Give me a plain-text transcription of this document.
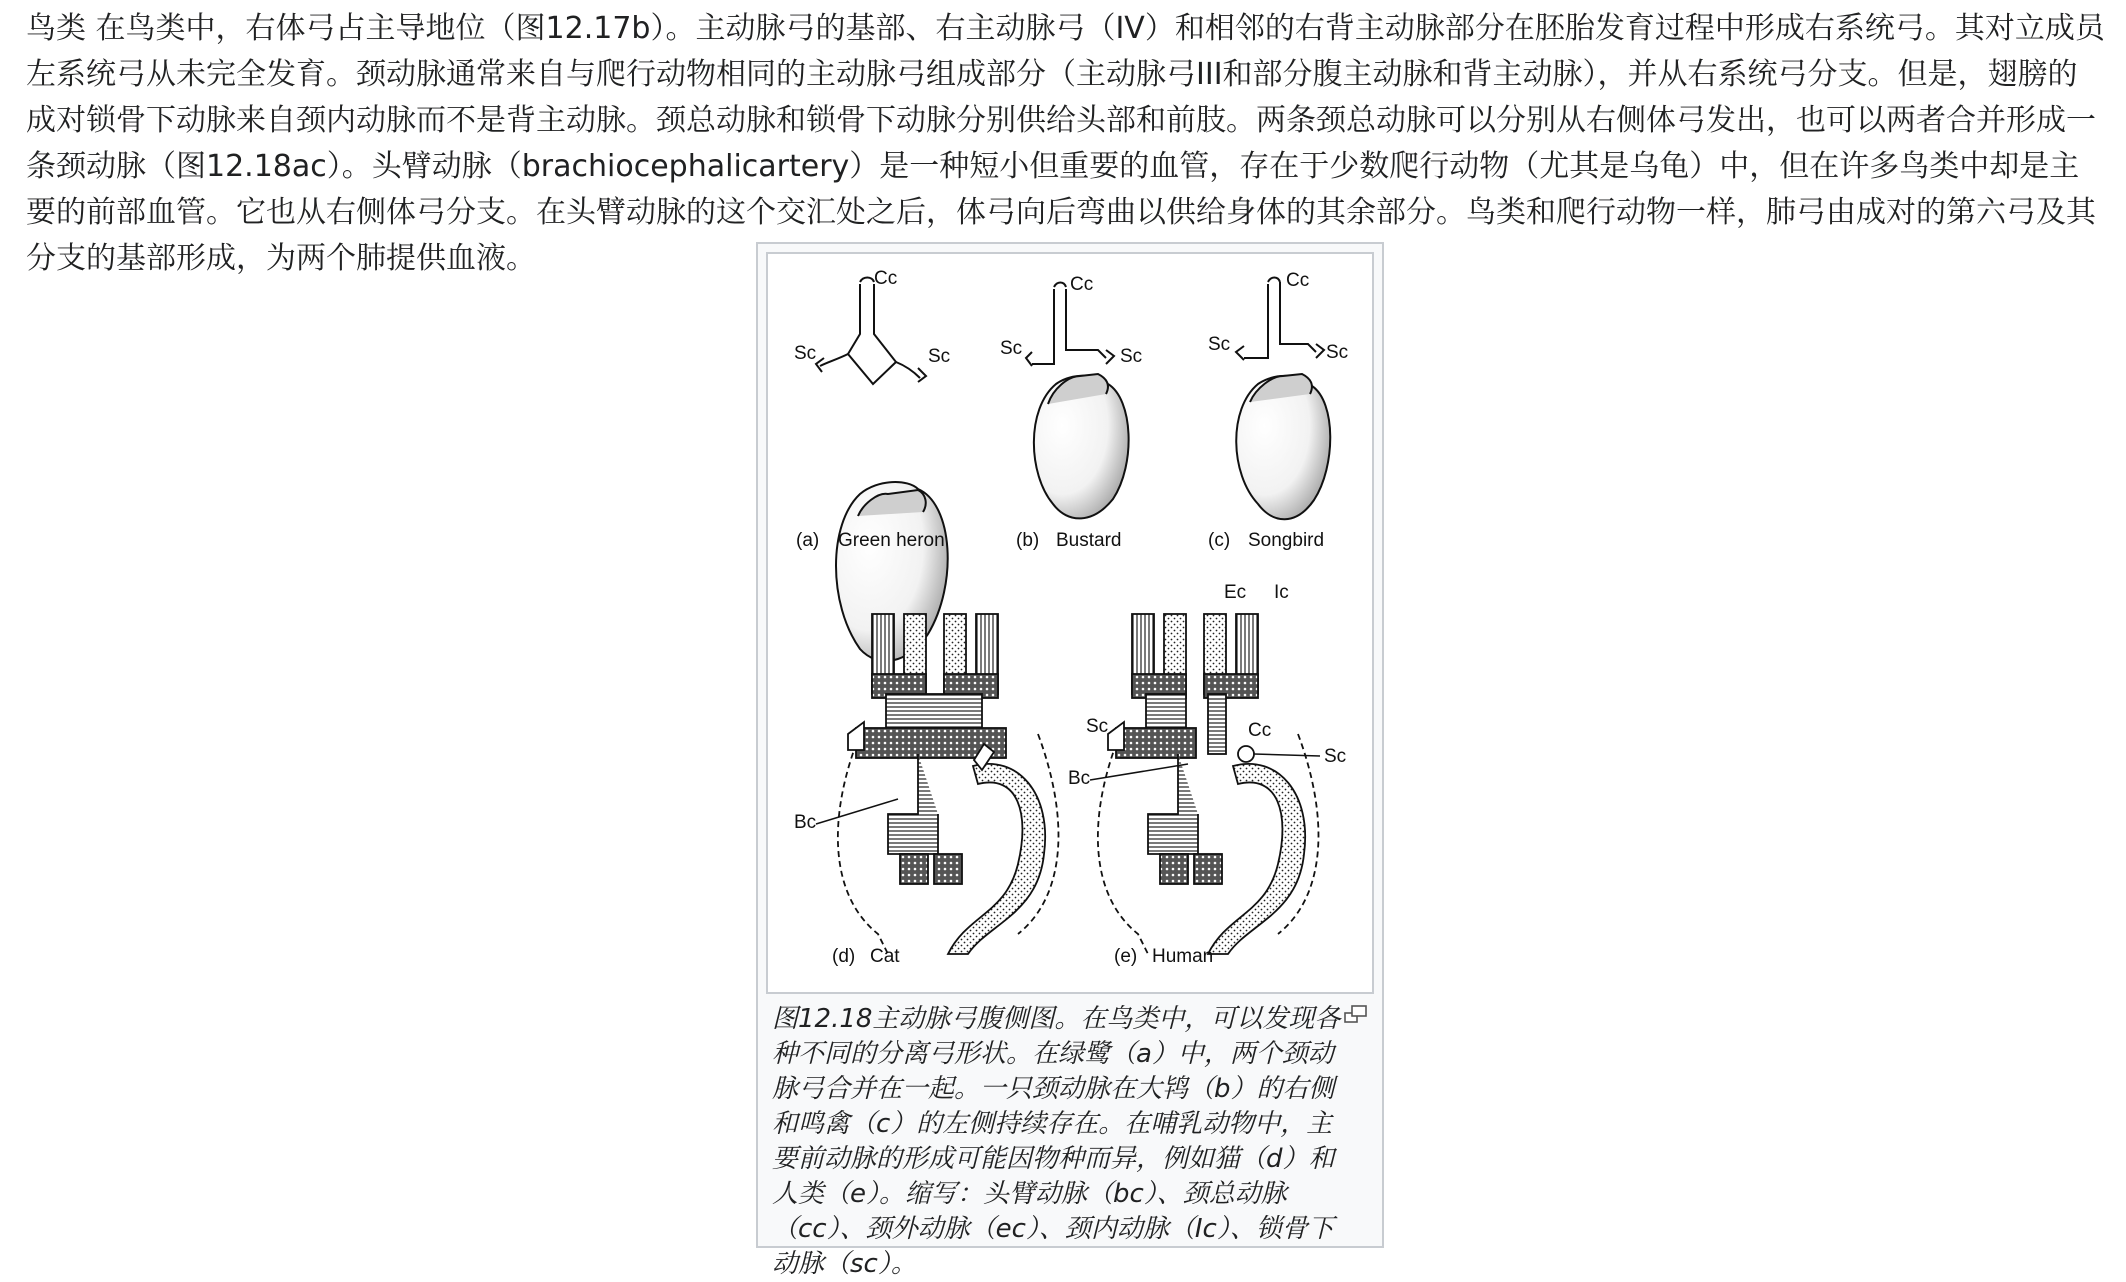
鸟类 在鸟类中，右体弓占主导地位（图12.17b）。主动脉弓的基部、右主动脉弓（IV）和相邻的右背主动脉部分在胚胎发育过程中形成右系统弓。其对立成员左系统弓从未完全发育。颈动脉通常来自与爬行动物相同的主动脉弓组成部分（主动脉弓III和部分腹主动脉和背主动脉），并从右系统弓分支。但是，翅膀的成对锁骨下动脉来自颈内动脉而不是背主动脉。颈总动脉和锁骨下动脉分别供给头部和前肢。两条颈总动脉可以分别从右侧体弓发出，也可以两者合并形成一条颈动脉（图12.18ac）。头臂动脉（brachiocephalicartery）是一种短小但重要的血管，存在于少数爬行动物（尤其是乌龟）中，但在许多鸟类中却是主要的前部血管。它也从右侧体弓分支。在头臂动脉的这个交汇处之后，体弓向后弯曲以供给身体的其余部分。鸟类和爬行动物一样，肺弓由成对的第六弓及其分支的基部形成，为两个肺提供血液。

Cc
Sc	Sc
(a) Green heron
Cc
Sc	Sc
(b) Bustard
Cc
Sc	Sc
(c) Songbird
Bc
(d) Cat
Ec Ic
Sc	Cc
Sc
Bc
(e) Human

图12.18主动脉弓腹侧图。在鸟类中，可以发现各种不同的分离弓形状。在绿鹭（a）中，两个颈动脉弓合并在一起。一只颈动脉在大鸨（b）的右侧和鸣禽（c）的左侧持续存在。在哺乳动物中，主要前动脉的形成可能因物种而异，例如猫（d）和人类（e）。缩写：头臂动脉（bc）、颈总动脉（cc）、颈外动脉（ec）、颈内动脉（Ic）、锁骨下动脉（sc）。
